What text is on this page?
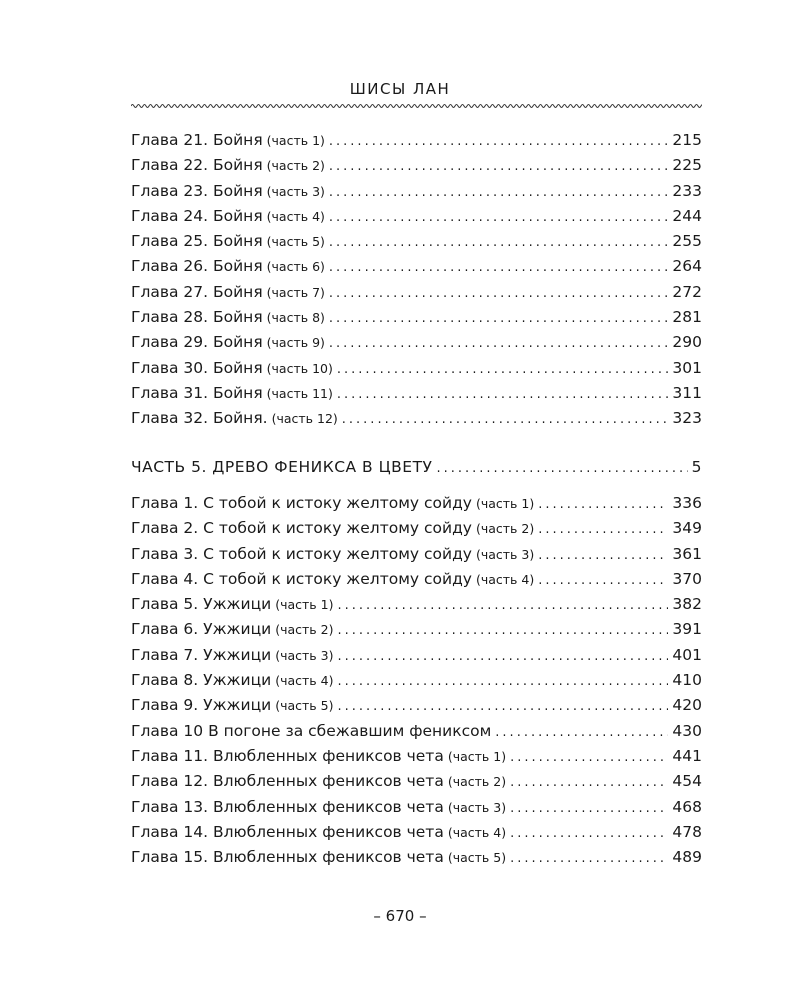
ШИСЫ ЛАН
Глава 21. Бойня (часть 1) .....	215
Глава 22. Бойня (часть 2) .....	225
Глава 23. Бойня (часть 3) .....	233
Глава 24. Бойня (часть 4) .....	244
Глава 25. Бойня (часть 5) .....	255
Глава 26. Бойня (часть 6) .....	264
Глава 27. Бойня (часть 7) .....	272
Глава 28. Бойня (часть 8) .....	281
Глава 29. Бойня (часть 9) .....	290
Глава 30. Бойня (часть 10) .....	301
Глава 31. Бойня (часть 11) .....	311
Глава 32. Бойня. (часть 12) .....	323
ЧАСТЬ 5. ДРЕВО ФЕНИКСА В ЦВЕТУ .....	5
Глава 1. С тобой к истоку желтому сойду (часть 1) .....	336
Глава 2. С тобой к истоку желтому сойду (часть 2) .....	349
Глава 3. С тобой к истоку желтому сойду (часть 3) .....	361
Глава 4. С тобой к истоку желтому сойду (часть 4) .....	370
Глава 5. Ужжици (часть 1) .....	382
Глава 6. Ужжици (часть 2) .....	391
Глава 7. Ужжици (часть 3) .....	401
Глава 8. Ужжици (часть 4) .....	410
Глава 9. Ужжици (часть 5) .....	420
Глава 10 В погоне за сбежавшим фениксом .....	430
Глава 11. Влюбленных фениксов чета (часть 1) .....	441
Глава 12. Влюбленных фениксов чета (часть 2) .....	454
Глава 13. Влюбленных фениксов чета (часть 3) .....	468
Глава 14. Влюбленных фениксов чета (часть 4) .....	478
Глава 15. Влюбленных фениксов чета (часть 5) .....	489
– 670 –
